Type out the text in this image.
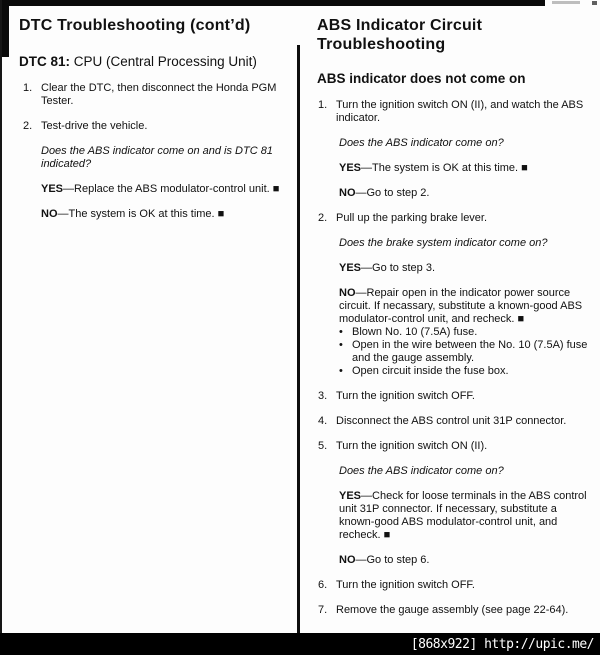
DTC Troubleshooting (cont’d)

DTC 81: CPU (Central Processing Unit)

1. Clear the DTC, then disconnect the Honda PGM Tester.
2. Test-drive the vehicle.

Does the ABS indicator come on and is DTC 81 indicated?

YES—Replace the ABS modulator-control unit. ■

NO—The system is OK at this time. ■

ABS Indicator Circuit Troubleshooting
ABS indicator does not come on
1. Turn the ignition switch ON (II), and watch the ABS indicator.

Does the ABS indicator come on?

YES—The system is OK at this time. ■

NO—Go to step 2.

2. Pull up the parking brake lever.

Does the brake system indicator come on?

YES—Go to step 3.

NO—Repair open in the indicator power source circuit. If necassary, substitute a known-good ABS modulator-control unit, and recheck. ■

• Blown No. 10 (7.5A) fuse.
• Open in the wire between the No. 10 (7.5A) fuse and the gauge assembly.
• Open circuit inside the fuse box.
3. Turn the ignition switch OFF.
4. Disconnect the ABS control unit 31P connector.
5. Turn the ignition switch ON (II).

Does the ABS indicator come on?

YES—Check for loose terminals in the ABS control unit 31P connector. If necessary, substitute a known-good ABS modulator-control unit, and recheck. ■

NO—Go to step 6.

6. Turn the ignition switch OFF.
7. Remove the gauge assembly (see page 22-64).
[868x922] http://upic.me/
